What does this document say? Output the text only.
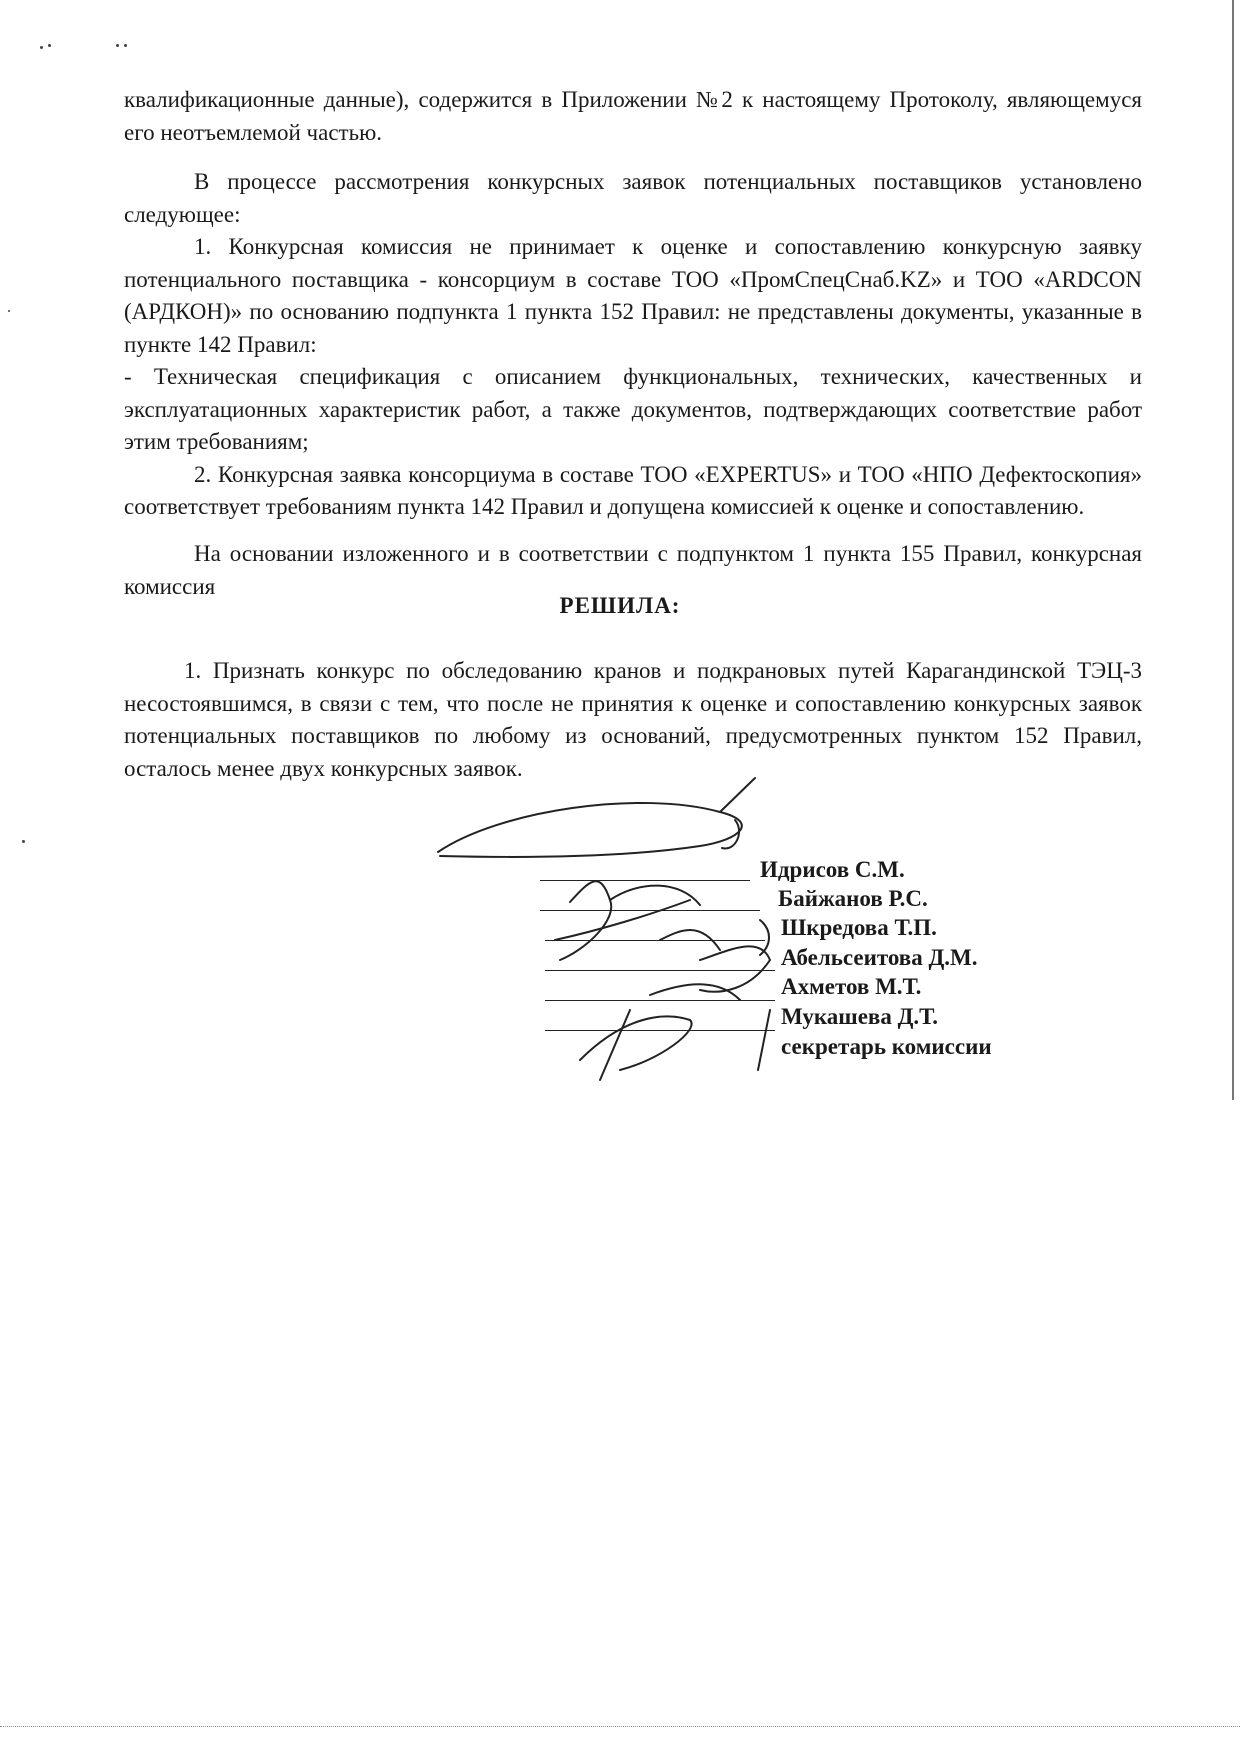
квалификационные данные), содержится в Приложении №2 к настоящему Протоколу, являющемуся его неотъемлемой частью.

В процессе рассмотрения конкурсных заявок потенциальных поставщиков установлено следующее:

1. Конкурсная комиссия не принимает к оценке и сопоставлению конкурсную заявку потенциального поставщика - консорциум в составе ТОО «ПромСпецСнаб.KZ» и ТОО «ARDCON (АРДКОН)» по основанию подпункта 1 пункта 152 Правил: не представлены документы, указанные в пункте 142 Правил:

- Техническая спецификация с описанием функциональных, технических, качественных и эксплуатационных характеристик работ, а также документов, подтверждающих соответствие работ этим требованиям;

2. Конкурсная заявка консорциума в составе ТОО «EXPERTUS» и ТОО «НПО Дефектоскопия» соответствует требованиям пункта 142 Правил и допущена комиссией к оценке и сопоставлению.

На основании изложенного и в соответствии с подпунктом 1 пункта 155 Правил, конкурсная комиссия

РЕШИЛА:

1. Признать конкурс по обследованию кранов и подкрановых путей Карагандинской ТЭЦ-3 несостоявшимся, в связи с тем, что после не принятия к оценке и сопоставлению конкурсных заявок потенциальных поставщиков по любому из оснований, предусмотренных пунктом 152 Правил, осталось менее двух конкурсных заявок.

Идрисов С.М.
Байжанов Р.С.
Шкредова Т.П.
Абельсеитова Д.М.
Ахметов М.Т.
Мукашева Д.Т.
секретарь комиссии
